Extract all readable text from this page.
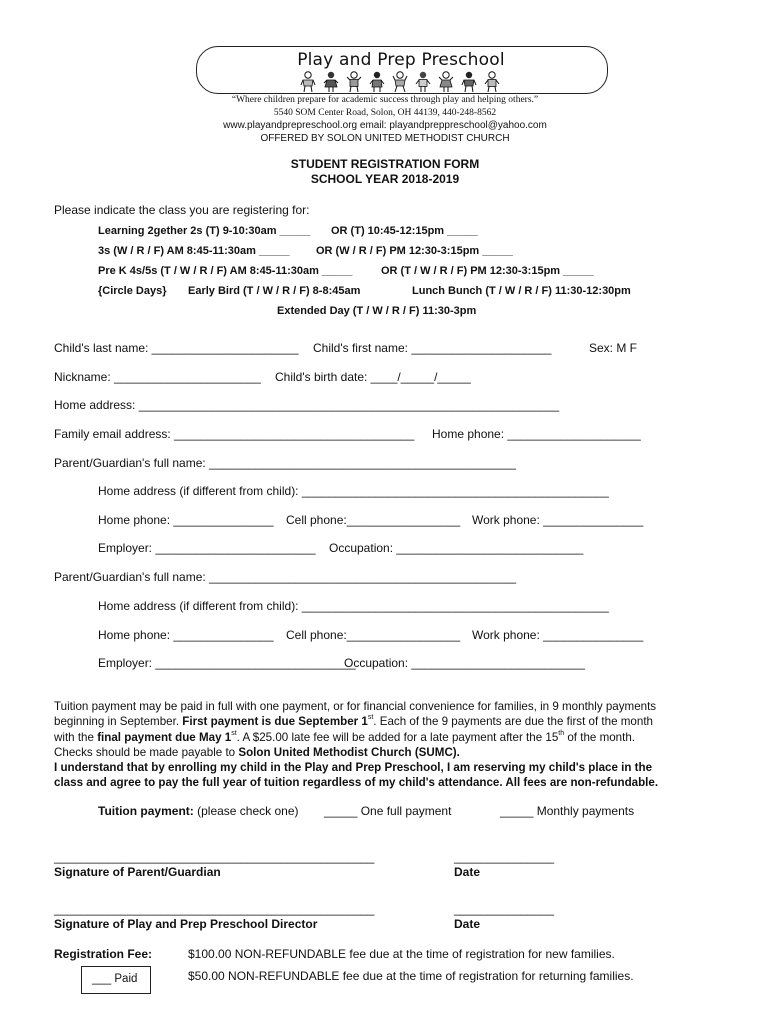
Play and Prep Preschool
“Where children prepare for academic success through play and helping others.”
5540 SOM Center Road, Solon, OH 44139, 440-248-8562
www.playandprepreschool.org email: playandpreppreschool@yahoo.com
OFFERED BY SOLON UNITED METHODIST CHURCH
STUDENT REGISTRATION FORM
SCHOOL YEAR 2018-2019
Please indicate the class you are registering for:
Learning 2gether 2s (T) 9-10:30am _____ OR (T) 10:45-12:15pm _____
3s (W / R / F) AM 8:45-11:30am _____ OR (W / R / F) PM 12:30-3:15pm _____
Pre K 4s/5s (T / W / R / F) AM 8:45-11:30am _____	OR (T / W / R / F) PM 12:30-3:15pm _____
{Circle Days} Early Bird (T / W / R / F) 8-8:45am	Lunch Bunch (T / W / R / F) 11:30-12:30pm
Extended Day (T / W / R / F) 11:30-3pm
Child's last name: ______________________ Child's first name: _____________________	Sex: M F
Nickname: ______________________ Child's birth date: ____/_____/_____
Home address: _______________________________________________________________
Family email address: ____________________________________ Home phone: ____________________
Parent/Guardian's full name: ______________________________________________
Home address (if different from child): ______________________________________________
Home phone: _______________ Cell phone:_________________ Work phone: _______________
Employer: ________________________ Occupation: ____________________________
Parent/Guardian's full name: ______________________________________________
Home address (if different from child): ______________________________________________
Home phone: _______________ Cell phone:_________________ Work phone: _______________
Employer: ______________________________
Occupation: __________________________
Tuition payment may be paid in full with one payment, or for financial convenience for families, in 9 monthly payments
beginning in September. First payment is due September 1st. Each of the 9 payments are due the first of the month
with the final payment due May 1st. A $25.00 late fee will be added for a late payment after the 15th of the month.
Checks should be made payable to Solon United Methodist Church (SUMC).
I understand that by enrolling my child in the Play and Prep Preschool, I am reserving my child's place in the
class and agree to pay the full year of tuition regardless of my child's attendance. All fees are non-refundable.
Tuition payment: (please check one) _____ One full payment	_____ Monthly payments
________________________________________________	_______________
Signature of Parent/Guardian	Date
________________________________________________	_______________
Signature of Play and Prep Preschool Director	Date
Registration Fee:	$100.00 NON-REFUNDABLE fee due at the time of registration for new families.
$50.00 NON-REFUNDABLE fee due at the time of registration for returning families.
___ Paid
